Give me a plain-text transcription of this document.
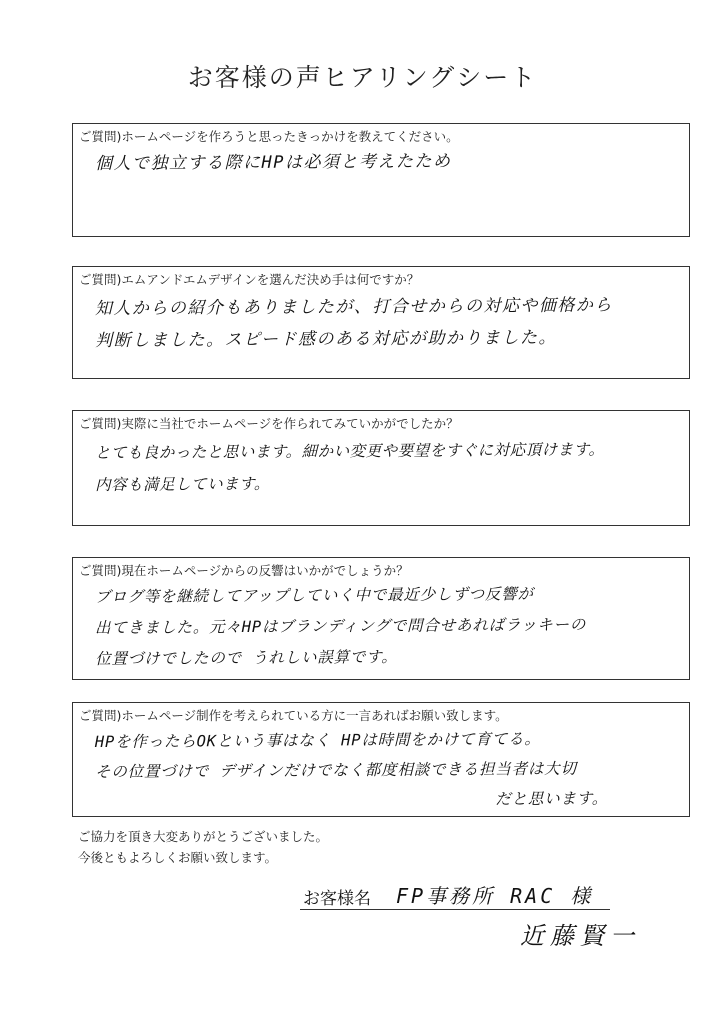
お客様の声ヒアリングシート
ご質問)ホームページを作ろうと思ったきっかけを教えてください。
個人で独立する際にHPは必須と考えたため
ご質問)エムアンドエムデザインを選んだ決め手は何ですか？
知人からの紹介もありましたが、打合せからの対応や価格から
判断しました。スピード感のある対応が助かりました。
ご質問)実際に当社でホームページを作られてみていかがでしたか？
とても良かったと思います。細かい変更や要望をすぐに対応頂けます。
内容も満足しています。
ご質問)現在ホームページからの反響はいかがでしょうか？
ブログ等を継続してアップしていく中で最近少しずつ反響が
出てきました。元々HPはブランディングで問合せあればラッキーの
位置づけでしたので うれしい誤算です。
ご質問)ホームページ制作を考えられている方に一言あればお願い致します。
HPを作ったらOKという事はなく HPは時間をかけて育てる。
その位置づけで デザインだけでなく都度相談できる担当者は大切
だと思います。
ご協力を頂き大変ありがとうございました。
今後ともよろしくお願い致します。
お客様名 FP事務所 RAC 様
近藤賢一
